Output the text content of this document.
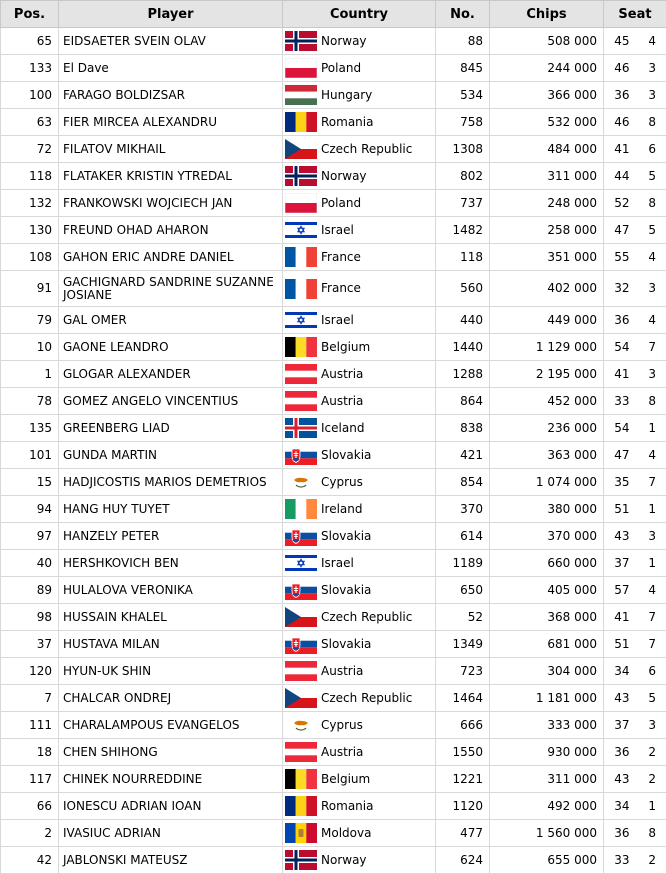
Pos.	Player	Country	No.	Chips	Seat	
65	EIDSAETER SVEIN OLAV	Norway	88	508 000	45	4
133	El Dave	Poland	845	244 000	46	3
100	FARAGO BOLDIZSAR	Hungary	534	366 000	36	3
63	FIER MIRCEA ALEXANDRU	Romania	758	532 000	46	8
72	FILATOV MIKHAIL	Czech Republic	1308	484 000	41	6
118	FLATAKER KRISTIN YTREDAL	Norway	802	311 000	44	5
132	FRANKOWSKI WOJCIECH JAN	Poland	737	248 000	52	8
130	FREUND OHAD AHARON	Israel	1482	258 000	47	5
108	GAHON ERIC ANDRE DANIEL	France	118	351 000	55	4
91	GACHIGNARD SANDRINE SUZANNE JOSIANE	France	560	402 000	32	3
79	GAL OMER	Israel	440	449 000	36	4
10	GAONE LEANDRO	Belgium	1440	1 129 000	54	7
1	GLOGAR ALEXANDER	Austria	1288	2 195 000	41	3
78	GOMEZ ANGELO VINCENTIUS	Austria	864	452 000	33	8
135	GREENBERG LIAD	Iceland	838	236 000	54	1
101	GUNDA MARTIN	Slovakia	421	363 000	47	4
15	HADJICOSTIS MARIOS DEMETRIOS	Cyprus	854	1 074 000	35	7
94	HANG HUY TUYET	Ireland	370	380 000	51	1
97	HANZELY PETER	Slovakia	614	370 000	43	3
40	HERSHKOVICH BEN	Israel	1189	660 000	37	1
89	HULALOVA VERONIKA	Slovakia	650	405 000	57	4
98	HUSSAIN KHALEL	Czech Republic	52	368 000	41	7
37	HUSTAVA MILAN	Slovakia	1349	681 000	51	7
120	HYUN-UK SHIN	Austria	723	304 000	34	6
7	CHALCAR ONDREJ	Czech Republic	1464	1 181 000	43	5
111	CHARALAMPOUS EVANGELOS	Cyprus	666	333 000	37	3
18	CHEN SHIHONG	Austria	1550	930 000	36	2
117	CHINEK NOURREDDINE	Belgium	1221	311 000	43	2
66	IONESCU ADRIAN IOAN	Romania	1120	492 000	34	1
2	IVASIUC ADRIAN	Moldova	477	1 560 000	36	8
42	JABLONSKI MATEUSZ	Norway	624	655 000	33	2
